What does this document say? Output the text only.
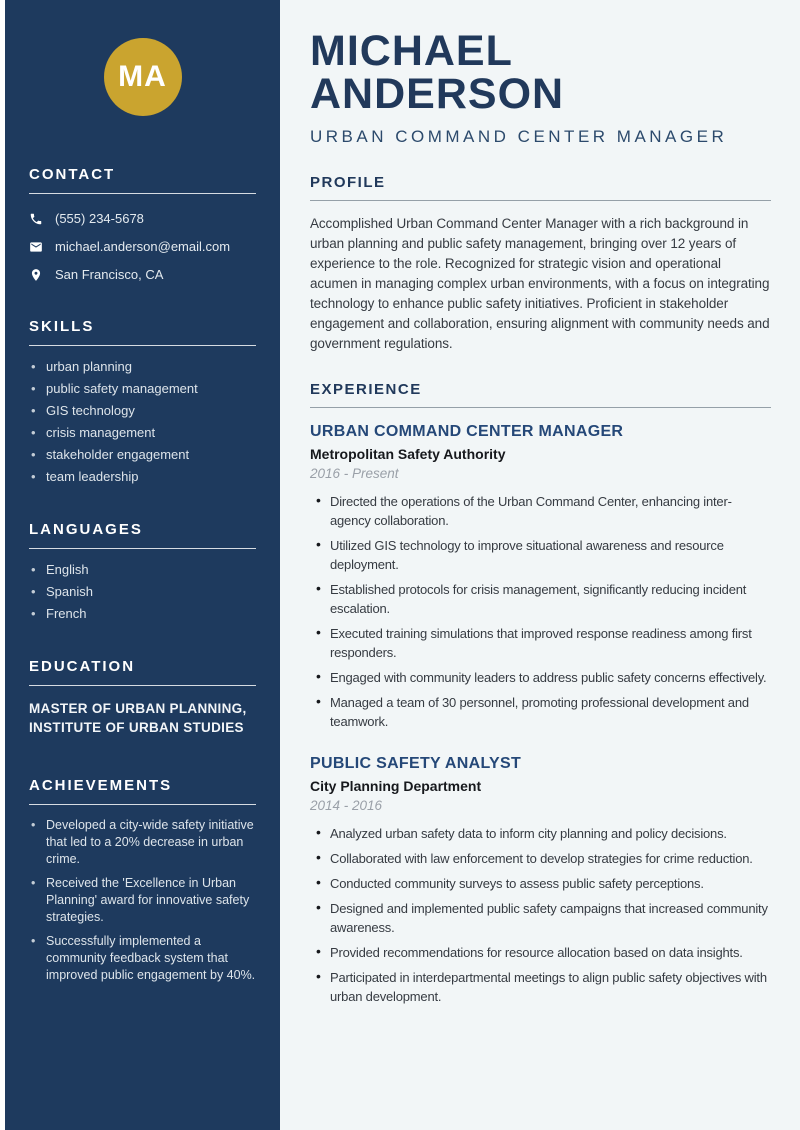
MA
CONTACT
(555) 234-5678
michael.anderson@email.com
San Francisco, CA
SKILLS
• urban planning
• public safety management
• GIS technology
• crisis management
• stakeholder engagement
• team leadership
LANGUAGES
• English
• Spanish
• French
EDUCATION
MASTER OF URBAN PLANNING, INSTITUTE OF URBAN STUDIES
ACHIEVEMENTS
• Developed a city-wide safety initiative that led to a 20% decrease in urban crime.
• Received the 'Excellence in Urban Planning' award for innovative safety strategies.
• Successfully implemented a community feedback system that improved public engagement by 40%.
MICHAEL ANDERSON
URBAN COMMAND CENTER MANAGER
PROFILE

Accomplished Urban Command Center Manager with a rich background in urban planning and public safety management, bringing over 12 years of experience to the role. Recognized for strategic vision and operational acumen in managing complex urban environments, with a focus on integrating technology to enhance public safety initiatives. Proficient in stakeholder engagement and collaboration, ensuring alignment with community needs and government regulations.

EXPERIENCE
URBAN COMMAND CENTER MANAGER
Metropolitan Safety Authority
2016 - Present
• Directed the operations of the Urban Command Center, enhancing inter-agency collaboration.
• Utilized GIS technology to improve situational awareness and resource deployment.
• Established protocols for crisis management, significantly reducing incident escalation.
• Executed training simulations that improved response readiness among first responders.
• Engaged with community leaders to address public safety concerns effectively.
• Managed a team of 30 personnel, promoting professional development and teamwork.
PUBLIC SAFETY ANALYST
City Planning Department
2014 - 2016
• Analyzed urban safety data to inform city planning and policy decisions.
• Collaborated with law enforcement to develop strategies for crime reduction.
• Conducted community surveys to assess public safety perceptions.
• Designed and implemented public safety campaigns that increased community awareness.
• Provided recommendations for resource allocation based on data insights.
• Participated in interdepartmental meetings to align public safety objectives with urban development.
